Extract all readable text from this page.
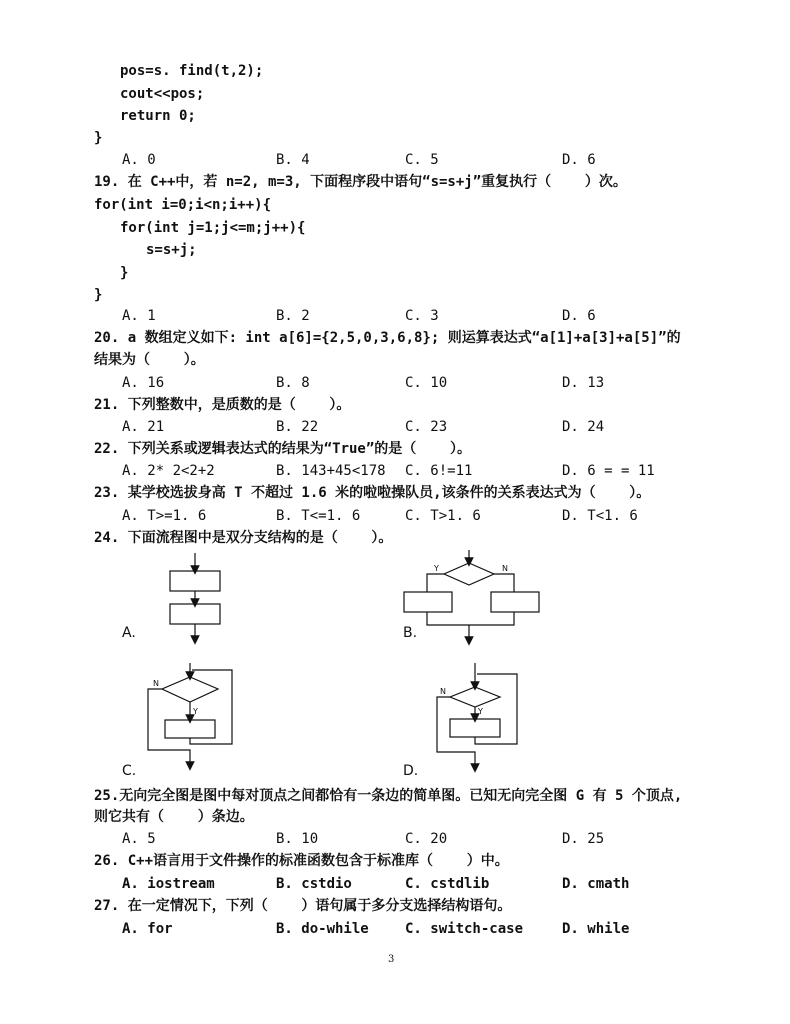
pos=s. find(t,2);
cout<<pos;
return 0;
}
A. 0	B. 4	C. 5	D. 6
19. 在 C++中，若 n=2, m=3, 下面程序段中语句“s=s+j”重复执行（    ）次。
for(int i=0;i<n;i++){
for(int j=1;j<=m;j++){
s=s+j;
}
}
A. 1	B. 2	C. 3	D. 6
20. a 数组定义如下: int a[6]={2,5,0,3,6,8}; 则运算表达式“a[1]+a[3]+a[5]”的
结果为（    ）。
A. 16	B. 8	C. 10	D. 13
21. 下列整数中，是质数的是（    ）。
A. 21	B. 22	C. 23	D. 24
22. 下列关系或逻辑表达式的结果为“True”的是（    ）。
A. 2* 2<2+2	B. 143+45<178 C. 6!=11	D. 6 = = 11
23. 某学校选拔身高 T 不超过 1.6 米的啦啦操队员,该条件的关系表达式为（    ）。
A. T>=1. 6	B. T<=1. 6	C. T>1. 6	D. T<1. 6
24. 下面流程图中是双分支结构的是（    ）。
Y	N
N
Y
N
Y
A.	B.
C.	D.
25.无向完全图是图中每对顶点之间都恰有一条边的简单图。已知无向完全图 G 有 5 个顶点,
则它共有（    ）条边。
A. 5	B. 10	C. 20	D. 25
26. C++语言用于文件操作的标准函数包含于标准库（    ）中。
A. iostream	B. cstdio	C. cstdlib	D. cmath
27. 在一定情况下，下列（    ）语句属于多分支选择结构语句。
A. for	B. do-while	C. switch-case	D. while
3
